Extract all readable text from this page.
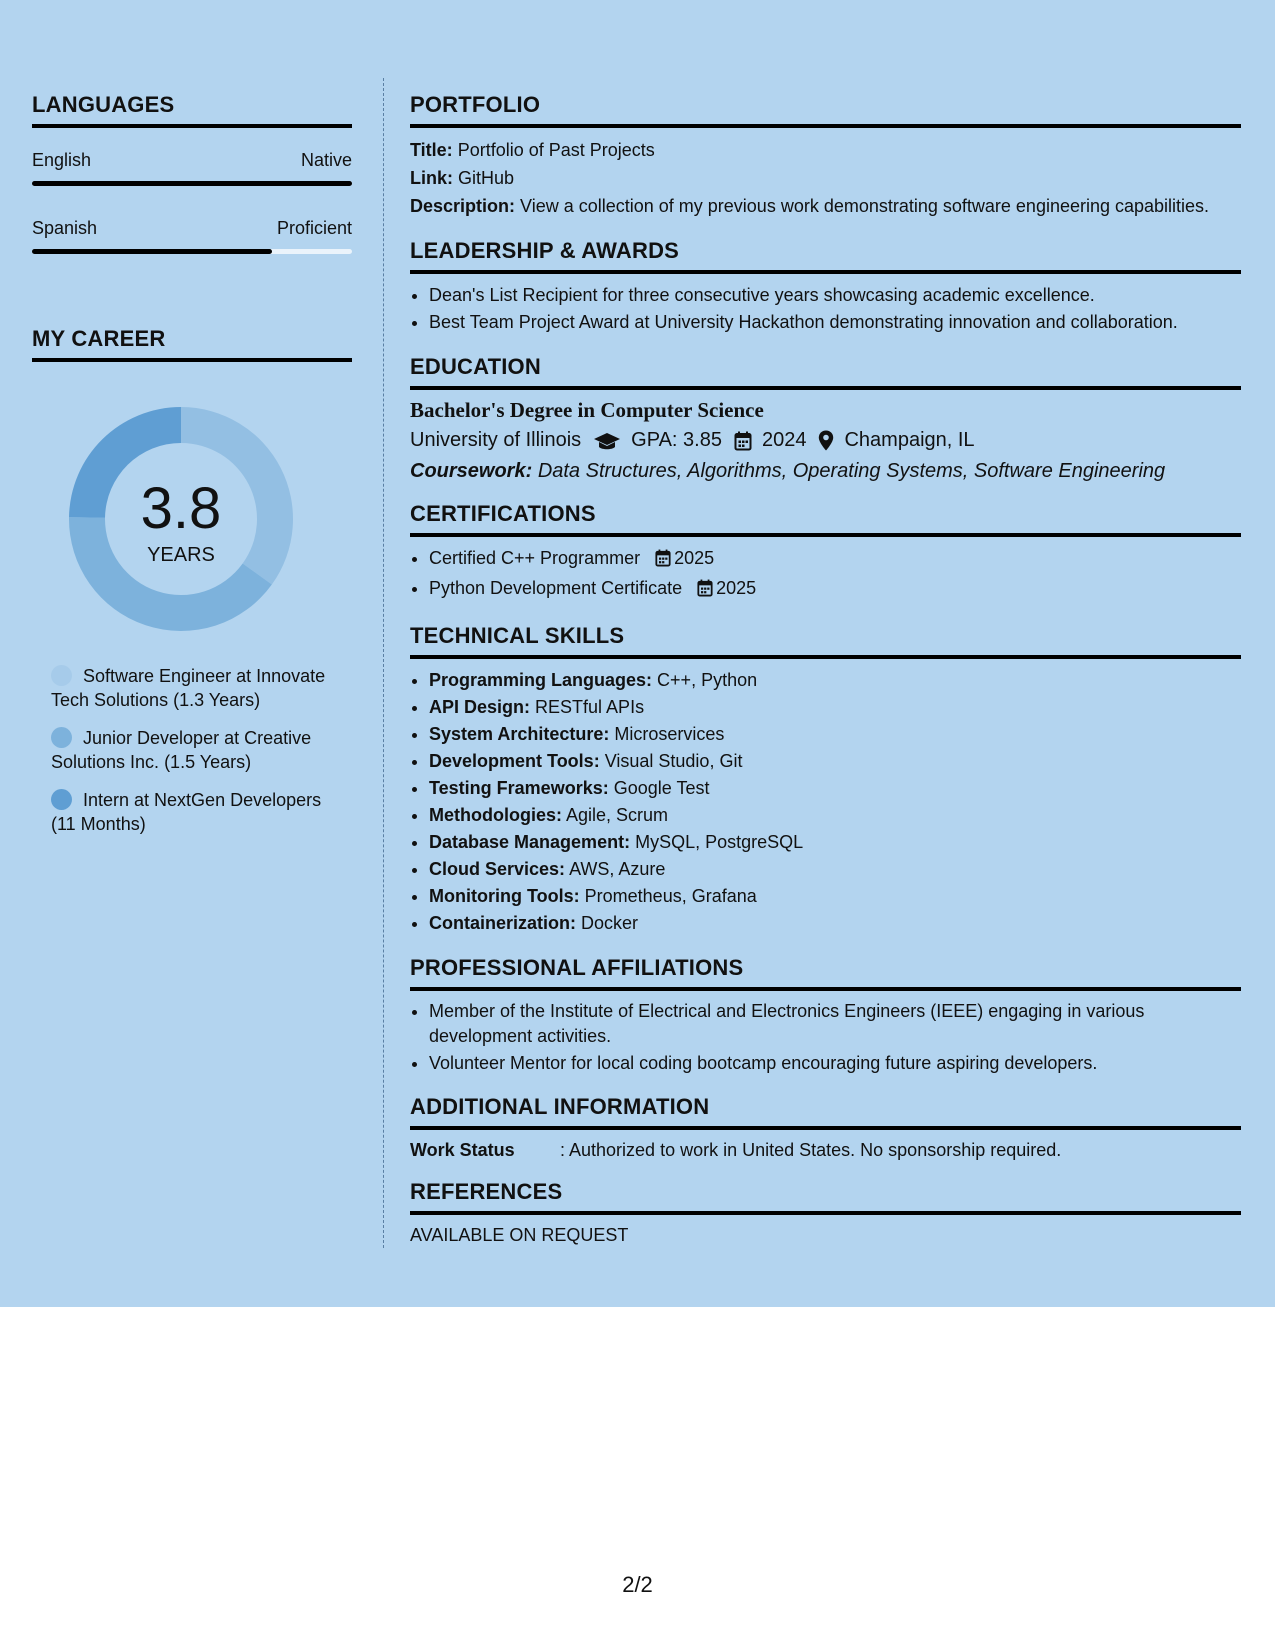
LANGUAGES
English	Native
Spanish	Proficient
MY CAREER
3.8
YEARS
Software Engineer at Innovate Tech Solutions (1.3 Years)
Junior Developer at Creative Solutions Inc. (1.5 Years)
Intern at NextGen Developers (11 Months)
PORTFOLIO
Title: Portfolio of Past Projects
Link: GitHub
Description: View a collection of my previous work demonstrating software engineering capabilities.
LEADERSHIP & AWARDS
• Dean's List Recipient for three consecutive years showcasing academic excellence.
• Best Team Project Award at University Hackathon demonstrating innovation and collaboration.
EDUCATION
Bachelor's Degree in Computer Science
University of Illinois	GPA: 3.85 2024 Champaign, IL
Coursework: Data Structures, Algorithms, Operating Systems, Software Engineering
CERTIFICATIONS
• Certified C++ Programmer 2025
• Python Development Certificate 2025
TECHNICAL SKILLS
• Programming Languages: C++, Python
• API Design: RESTful APIs
• System Architecture: Microservices
• Development Tools: Visual Studio, Git
• Testing Frameworks: Google Test
• Methodologies: Agile, Scrum
• Database Management: MySQL, PostgreSQL
• Cloud Services: AWS, Azure
• Monitoring Tools: Prometheus, Grafana
• Containerization: Docker
PROFESSIONAL AFFILIATIONS
• Member of the Institute of Electrical and Electronics Engineers (IEEE) engaging in various development activities.
• Volunteer Mentor for local coding bootcamp encouraging future aspiring developers.
ADDITIONAL INFORMATION
Work Status	: Authorized to work in United States. No sponsorship required.
REFERENCES
AVAILABLE ON REQUEST
2/2
